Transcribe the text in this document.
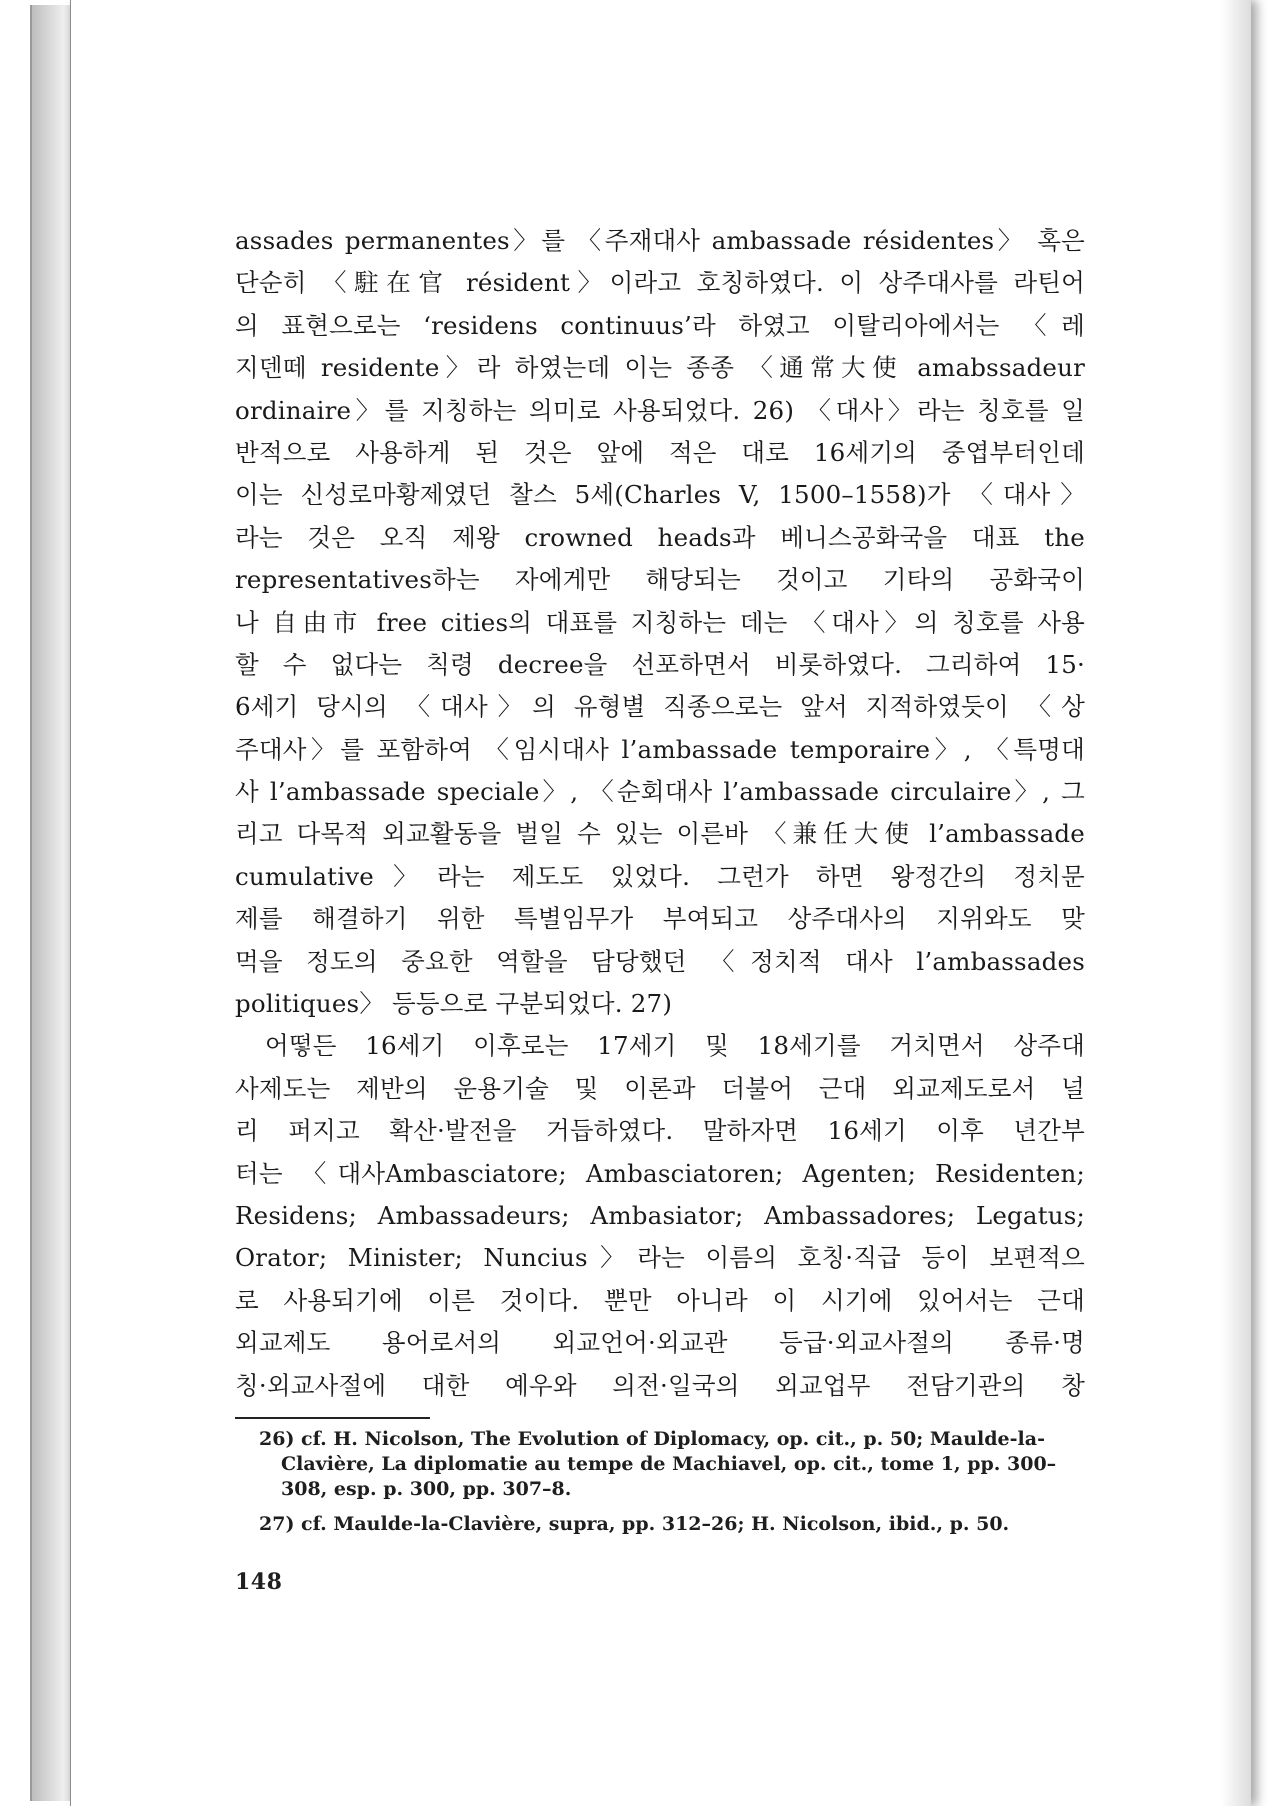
assades permanentes〉를 〈주재대사 ambassade résidentes〉 혹은
단순히 〈駐在官 résident〉이라고 호칭하였다. 이 상주대사를 라틴어
의 표현으로는 ‘residens continuus’라 하였고 이탈리아에서는 〈레
지덴떼 residente〉라 하였는데 이는 종종 〈通常大使 amabssadeur
ordinaire〉를 지칭하는 의미로 사용되었다. 26) 〈대사〉라는 칭호를 일
반적으로 사용하게 된 것은 앞에 적은 대로 16세기의 중엽부터인데
이는 신성로마황제였던 찰스 5세(Charles V, 1500–1558)가 〈대사〉
라는 것은 오직 제왕 crowned heads과 베니스공화국을 대표 the
representatives하는 자에게만 해당되는 것이고 기타의 공화국이
나 自由市 free cities의 대표를 지칭하는 데는 〈대사〉의 칭호를 사용
할 수 없다는 칙령 decree을 선포하면서 비롯하였다. 그리하여 15·
6세기 당시의 〈대사〉의 유형별 직종으로는 앞서 지적하였듯이 〈상
주대사〉를 포함하여 〈임시대사 l’ambassade temporaire〉, 〈특명대
사 l’ambassade speciale〉, 〈순회대사 l’ambassade circulaire〉, 그
리고 다목적 외교활동을 벌일 수 있는 이른바 〈兼任大使 l’ambassade
cumulative〉라는 제도도 있었다. 그런가 하면 왕정간의 정치문
제를 해결하기 위한 특별임무가 부여되고 상주대사의 지위와도 맞
먹을 정도의 중요한 역할을 담당했던 〈정치적 대사 l’ambassades
politiques〉 등등으로 구분되었다. 27)
어떻든 16세기 이후로는 17세기 및 18세기를 거치면서 상주대
사제도는 제반의 운용기술 및 이론과 더불어 근대 외교제도로서 널
리 퍼지고 확산·발전을 거듭하였다. 말하자면 16세기 이후 년간부
터는 〈대사Ambasciatore; Ambasciatoren; Agenten; Residenten;
Residens; Ambassadeurs; Ambasiator; Ambassadores; Legatus;
Orator; Minister; Nuncius〉라는 이름의 호칭·직급 등이 보편적으
로 사용되기에 이른 것이다. 뿐만 아니라 이 시기에 있어서는 근대
외교제도 용어로서의 외교언어·외교관 등급·외교사절의 종류·명
칭·외교사절에 대한 예우와 의전·일국의 외교업무 전담기관의 창
26) cf. H. Nicolson, The Evolution of Diplomacy, op. cit., p. 50; Maulde-la-
Clavière, La diplomatie au tempe de Machiavel, op. cit., tome 1, pp. 300–
308, esp. p. 300, pp. 307–8.
27) cf. Maulde-la-Clavière, supra, pp. 312–26; H. Nicolson, ibid., p. 50.
148
